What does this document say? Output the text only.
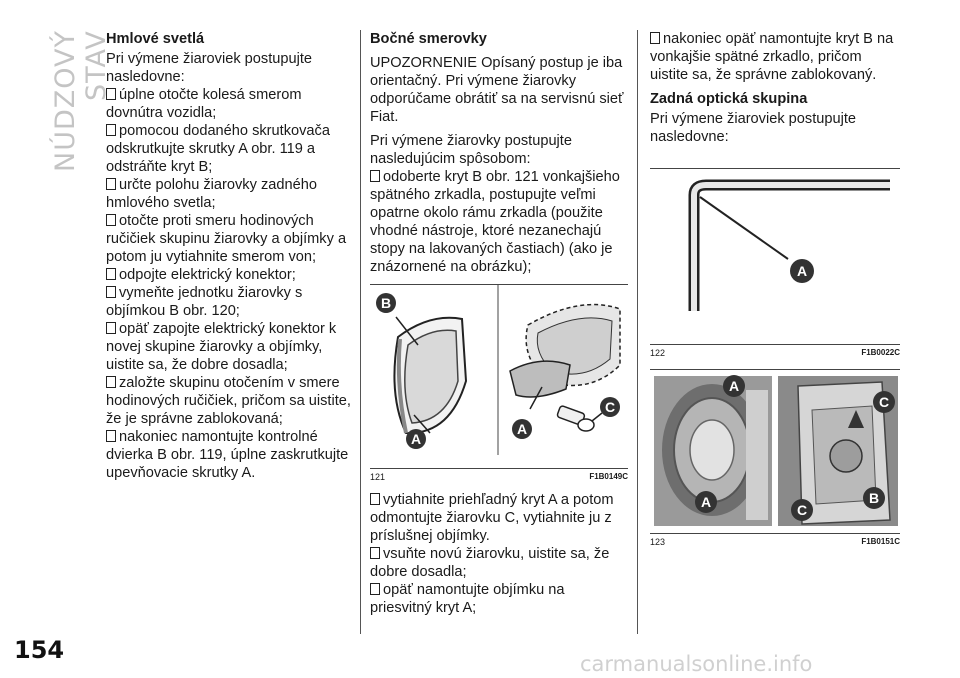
NÚDZOVÝ STAV
154	carmanualsonline.info
Hmlové svetlá
Pri výmene žiaroviek postupujte nasledovne:
úplne otočte kolesá smerom dovnútra vozidla;
pomocou dodaného skrutkovača odskrutkujte skrutky A obr. 119 a odstráňte kryt B;
určte polohu žiarovky zadného hmlového svetla;
otočte proti smeru hodinových ručičiek skupinu žiarovky a objímky a potom ju vytiahnite smerom von;
odpojte elektrický konektor;
vymeňte jednotku žiarovky s objímkou B obr. 120;
opäť zapojte elektrický konektor k novej skupine žiarovky a objímky, uistite sa, že dobre dosadla;
založte skupinu otočením v smere hodinových ručičiek, pričom sa uistite, že je správne zablokovaná;
nakoniec namontujte kontrolné dvierka B obr. 119, úplne zaskrutkujte upevňovacie skrutky A.
Bočné smerovky
UPOZORNENIE Opísaný postup je iba orientačný. Pri výmene žiarovky odporúčame obrátiť sa na servisnú sieť Fiat.
Pri výmene žiarovky postupujte nasledujúcim spôsobom:
odoberte kryt B obr. 121 vonkajšieho spätného zrkadla, postupujte veľmi opatrne okolo rámu zrkadla (použite vhodné nástroje, ktoré nezanechajú stopy na lakovaných častiach) (ako je znázornené na obrázku);
B
A
A
C
121	F1B0149C
vytiahnite priehľadný kryt A a potom odmontujte žiarovku C, vytiahnite ju z príslušnej objímky.
vsuňte novú žiarovku, uistite sa, že dobre dosadla;
opäť namontujte objímku na priesvitný kryt A;
nakoniec opäť namontujte kryt B na vonkajšie spätné zrkadlo, pričom uistite sa, že správne zablokovaný.
Zadná optická skupina
Pri výmene žiaroviek postupujte nasledovne:
A
122	F1B0022C
A
C
A	C
B
123	F1B0151C
